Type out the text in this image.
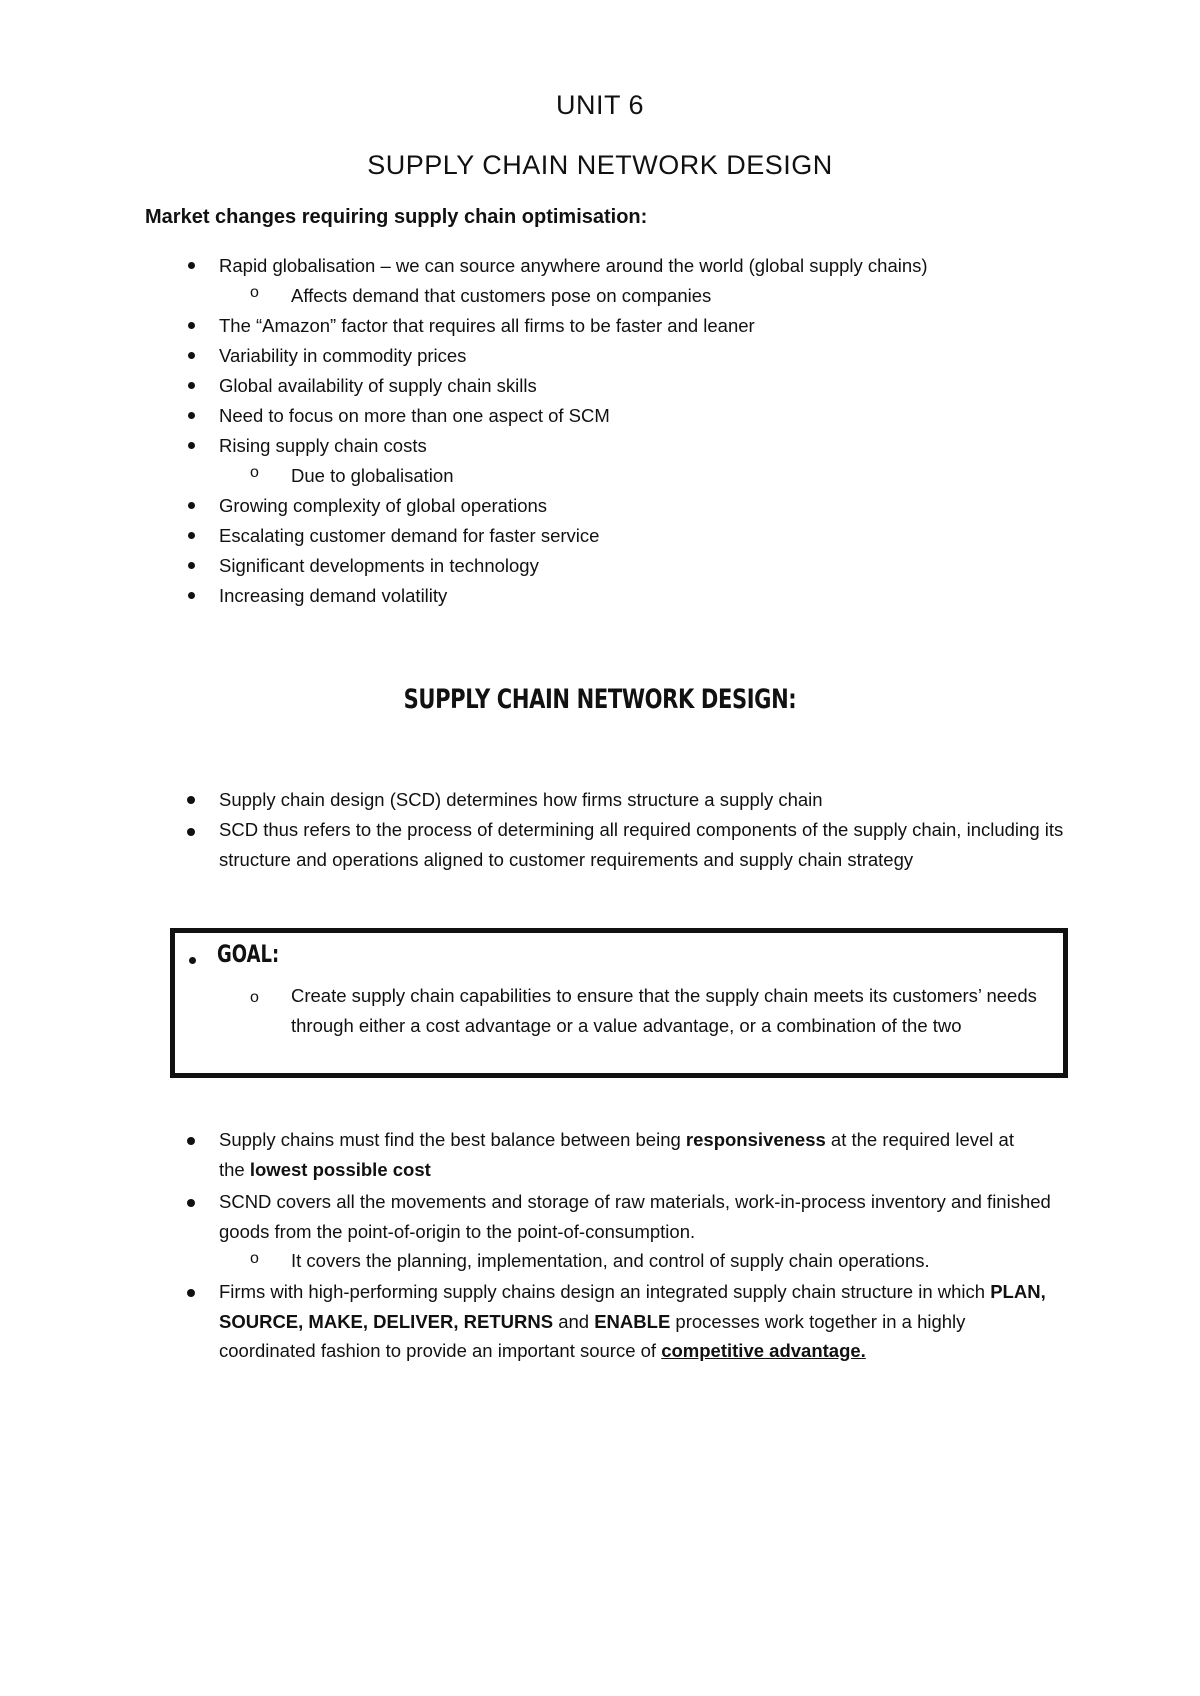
UNIT 6
SUPPLY CHAIN NETWORK DESIGN
Market changes requiring supply chain optimisation:
Rapid globalisation – we can source anywhere around the world (global supply chains)
o Affects demand that customers pose on companies
The “Amazon” factor that requires all firms to be faster and leaner
Variability in commodity prices
Global availability of supply chain skills
Need to focus on more than one aspect of SCM
Rising supply chain costs
o Due to globalisation
Growing complexity of global operations
Escalating customer demand for faster service
Significant developments in technology
Increasing demand volatility
SUPPLY CHAIN NETWORK DESIGN:
Supply chain design (SCD) determines how firms structure a supply chain
SCD thus refers to the process of determining all required components of the supply chain, including its structure and operations aligned to customer requirements and supply chain strategy
GOAL:
o Create supply chain capabilities to ensure that the supply chain meets its customers’ needs through either a cost advantage or a value advantage, or a combination of the two
Supply chains must find the best balance between being responsiveness at the required level at the lowest possible cost
SCND covers all the movements and storage of raw materials, work-in-process inventory and finished goods from the point-of-origin to the point-of-consumption.
o It covers the planning, implementation, and control of supply chain operations.
Firms with high-performing supply chains design an integrated supply chain structure in which PLAN, SOURCE, MAKE, DELIVER, RETURNS and ENABLE processes work together in a highly coordinated fashion to provide an important source of competitive advantage.
